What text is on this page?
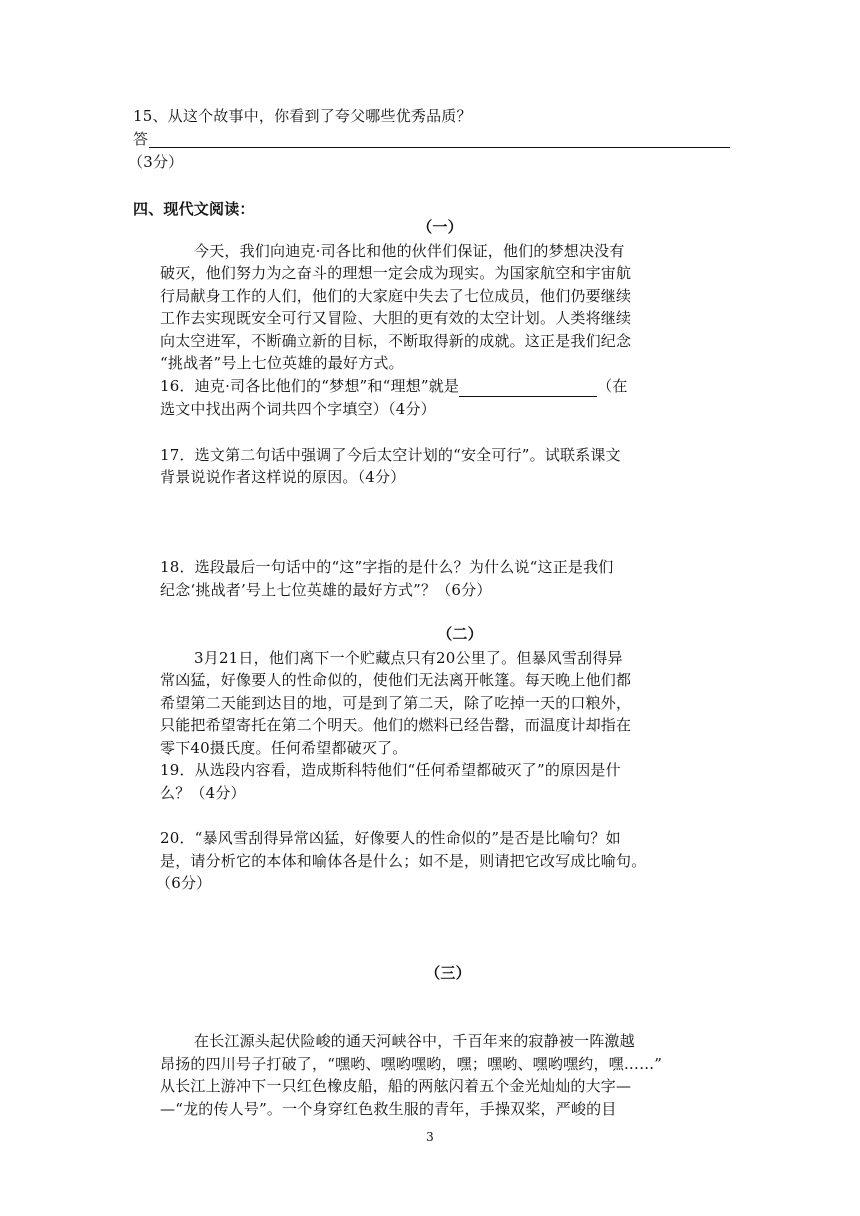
15、从这个故事中，你看到了夸父哪些优秀品质？
答
（3分）
四、现代文阅读：
（一）
今天，我们向迪克·司各比和他的伙伴们保证，他们的梦想决没有
破灭，他们努力为之奋斗的理想一定会成为现实。为国家航空和宇宙航
行局献身工作的人们，他们的大家庭中失去了七位成员，他们仍要继续
工作去实现既安全可行又冒险、大胆的更有效的太空计划。人类将继续
向太空进军，不断确立新的目标，不断取得新的成就。这正是我们纪念
“挑战者”号上七位英雄的最好方式。
16．迪克·司各比他们的“梦想”和“理想”就是	（在
选文中找出两个词共四个字填空）（4分）
17．选文第二句话中强调了今后太空计划的“安全可行”。试联系课文
背景说说作者这样说的原因。（4分）
18．选段最后一句话中的“这”字指的是什么？为什么说“这正是我们
纪念‘挑战者’号上七位英雄的最好方式”？（6分）
（二）
3月21日，他们离下一个贮藏点只有20公里了。但暴风雪刮得异
常凶猛，好像要人的性命似的，使他们无法离开帐篷。每天晚上他们都
希望第二天能到达目的地，可是到了第二天，除了吃掉一天的口粮外，
只能把希望寄托在第二个明天。他们的燃料已经告罄，而温度计却指在
零下40摄氏度。任何希望都破灭了。
19．从选段内容看，造成斯科特他们“任何希望都破灭了”的原因是什
么？（4分）
20．“暴风雪刮得异常凶猛，好像要人的性命似的”是否是比喻句？如
是，请分析它的本体和喻体各是什么；如不是，则请把它改写成比喻句。
（6分）
（三）
在长江源头起伏险峻的通天河峡谷中，千百年来的寂静被一阵激越
昂扬的四川号子打破了，“嘿哟、嘿哟嘿哟，嘿；嘿哟、嘿哟嘿约，嘿……”
从长江上游冲下一只红色橡皮船，船的两舷闪着五个金光灿灿的大字—
—“龙的传人号”。一个身穿红色救生服的青年，手操双桨，严峻的目
3
